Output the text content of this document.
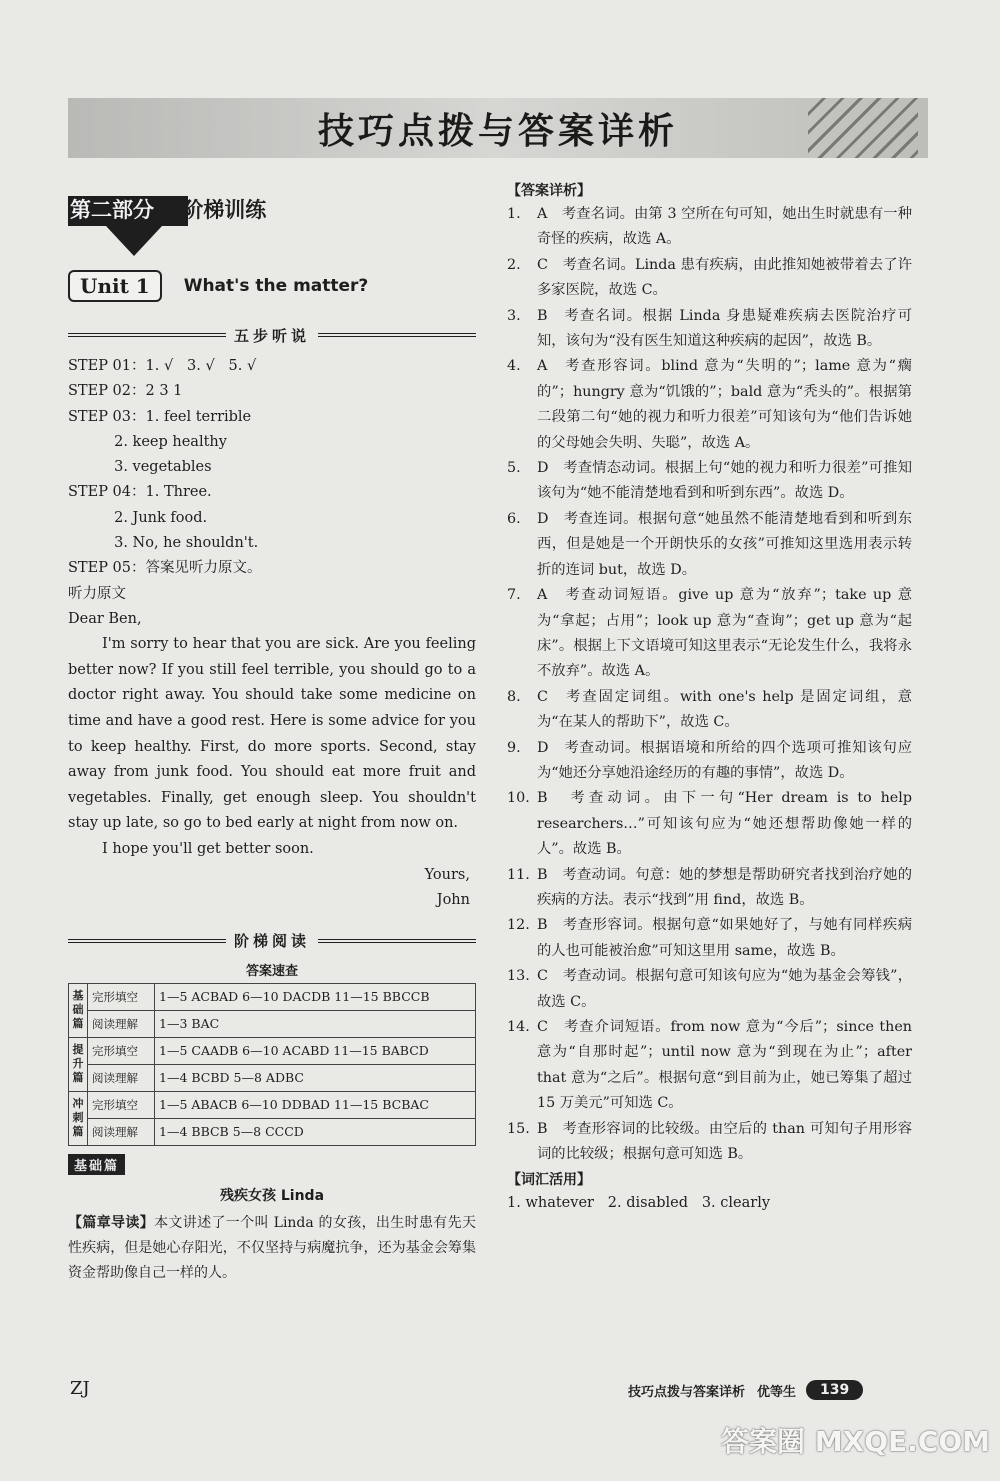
技巧点拨与答案详析
第二部分 ／阶梯训练
Unit 1	What's the matter?
五步听说
STEP 01：1. √   3. √   5. √
STEP 02：2 3 1
STEP 03：1. feel terrible
2. keep healthy
3. vegetables
STEP 04：1. Three.
2. Junk food.
3. No, he shouldn't.
STEP 05：答案见听力原文。
听力原文
Dear Ben,

I'm sorry to hear that you are sick. Are you feeling better now? If you still feel terrible, you should go to a doctor right away. You should take some medicine on time and have a good rest. Here is some advice for you to keep healthy. First, do more sports. Second, stay away from junk food. You should eat more fruit and vegetables. Finally, get enough sleep. You shouldn't stay up late, so go to bed early at night from now on.

I hope you'll get better soon.

Yours,
John
阶梯阅读
答案速查
基础篇	完形填空	1—5 ACBAD 6—10 DACDB 11—15 BBCCB
	阅读理解	1—3 BAC
提升篇	完形填空	1—5 CAADB 6—10 ACABD 11—15 BABCD
	阅读理解	1—4 BCBD 5—8 ADBC
冲刺篇	完形填空	1—5 ABACB 6—10 DDBAD 11—15 BCBAC
	阅读理解	1—4 BBCB 5—8 CCCD
基础篇
残疾女孩 Linda

【篇章导读】本文讲述了一个叫 Linda 的女孩，出生时患有先天性疾病，但是她心存阳光，不仅坚持与病魔抗争，还为基金会筹集资金帮助像自己一样的人。

【答案详析】
1.	A　考查名词。由第 3 空所在句可知，她出生时就患有一种奇怪的疾病，故选 A。
2.	C　考查名词。Linda 患有疾病，由此推知她被带着去了许多家医院，故选 C。
3.	B　考查名词。根据 Linda 身患疑难疾病去医院治疗可知，该句为“没有医生知道这种疾病的起因”，故选 B。
4.	A　考查形容词。blind 意为“失明的”；lame 意为“瘸的”；hungry 意为“饥饿的”；bald 意为“秃头的”。根据第二段第二句“她的视力和听力很差”可知该句为“他们告诉她的父母她会失明、失聪”，故选 A。
5.	D　考查情态动词。根据上句“她的视力和听力很差”可推知该句为“她不能清楚地看到和听到东西”。故选 D。
6.	D　考查连词。根据句意“她虽然不能清楚地看到和听到东西，但是她是一个开朗快乐的女孩”可推知这里选用表示转折的连词 but，故选 D。
7.	A　考查动词短语。give up 意为“放弃”；take up 意为“拿起；占用”；look up 意为“查询”；get up 意为“起床”。根据上下文语境可知这里表示“无论发生什么，我将永不放弃”。故选 A。
8.	C　考查固定词组。with one's help 是固定词组，意为“在某人的帮助下”，故选 C。
9.	D　考查动词。根据语境和所给的四个选项可推知该句应为“她还分享她沿途经历的有趣的事情”，故选 D。
10. B　考查动词。由下一句“Her dream is to help researchers…”可知该句应为“她还想帮助像她一样的人”。故选 B。
11. B　考查动词。句意：她的梦想是帮助研究者找到治疗她的疾病的方法。表示“找到”用 find，故选 B。
12. B　考查形容词。根据句意“如果她好了，与她有同样疾病的人也可能被治愈”可知这里用 same，故选 B。
13. C　考查动词。根据句意可知该句应为“她为基金会筹钱”，故选 C。
14. C　考查介词短语。from now 意为“今后”；since then 意为“自那时起”；until now 意为“到现在为止”；after that 意为“之后”。根据句意“到目前为止，她已筹集了超过 15 万美元”可知选 C。
15. B　考查形容词的比较级。由空后的 than 可知句子用形容词的比较级；根据句意可知选 B。
【词汇活用】
1. whatever   2. disabled   3. clearly
ZJ	技巧点拨与答案详析 优等生	139
答案圈 MXQE.COM
